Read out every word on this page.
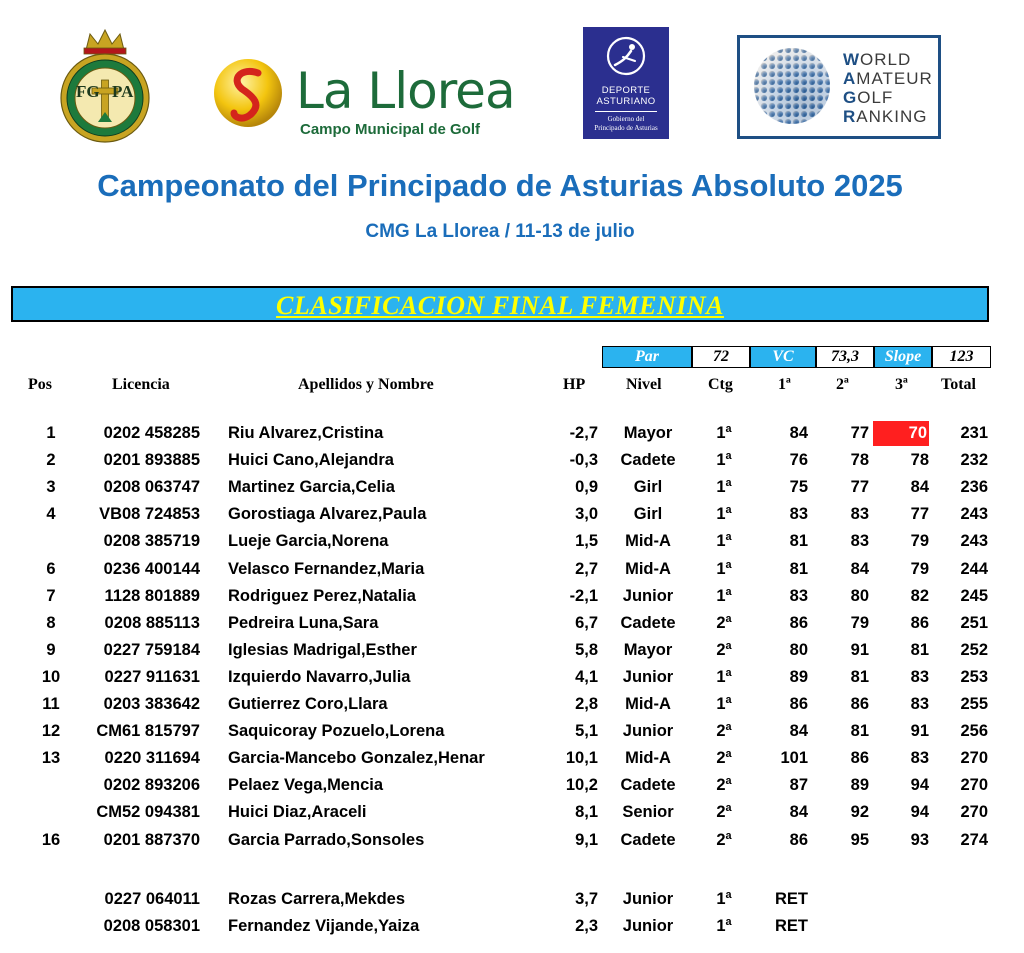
FG PA	La Llorea
Campo Municipal de Golf
DEPORTE
ASTURIANO
Gobierno del
Principado de Asturias
WORLD
AMATEUR
GOLF
RANKING
Campeonato del Principado de Asturias Absoluto 2025
CMG La Llorea / 11-13 de julio
CLASIFICACION FINAL FEMENINA
Par	72	VC	73,3	Slope	123
Pos	Licencia	Apellidos y Nombre	HP	Nivel	Ctg	1ª	2ª	3ª Total
1	0202 458285 Riu Alvarez,Cristina	-2,7	Mayor	1ª	84	77	70	231
2	0201 893885 Huici Cano,Alejandra	-0,3	Cadete	1ª	76	78	78	232
3	0208 063747 Martinez Garcia,Celia	0,9	Girl	1ª	75	77	84	236
4	VB08 724853 Gorostiaga Alvarez,Paula	3,0	Girl	1ª	83	83	77	243
0208 385719 Lueje Garcia,Norena	1,5	Mid-A	1ª	81	83	79	243
6	0236 400144 Velasco Fernandez,Maria	2,7	Mid-A	1ª	81	84	79	244
7	1128 801889 Rodriguez Perez,Natalia	-2,1	Junior	1ª	83	80	82	245
8	0208 885113 Pedreira Luna,Sara	6,7	Cadete	2ª	86	79	86	251
9	0227 759184 Iglesias Madrigal,Esther	5,8	Mayor	2ª	80	91	81	252
10	0227 911631 Izquierdo Navarro,Julia	4,1	Junior	1ª	89	81	83	253
11	0203 383642 Gutierrez Coro,Llara	2,8	Mid-A	1ª	86	86	83	255
12	CM61 815797 Saquicoray Pozuelo,Lorena	5,1	Junior	2ª	84	81	91	256
13	0220 311694 Garcia-Mancebo Gonzalez,Henar	10,1	Mid-A	2ª	101	86	83	270
0202 893206 Pelaez Vega,Mencia	10,2	Cadete	2ª	87	89	94	270
CM52 094381 Huici Diaz,Araceli	8,1	Senior	2ª	84	92	94	270
16	0201 887370 Garcia Parrado,Sonsoles	9,1	Cadete	2ª	86	95	93	274
0227 064011 Rozas Carrera,Mekdes	3,7	Junior	1ª	RET
0208 058301 Fernandez Vijande,Yaiza	2,3	Junior	1ª	RET
